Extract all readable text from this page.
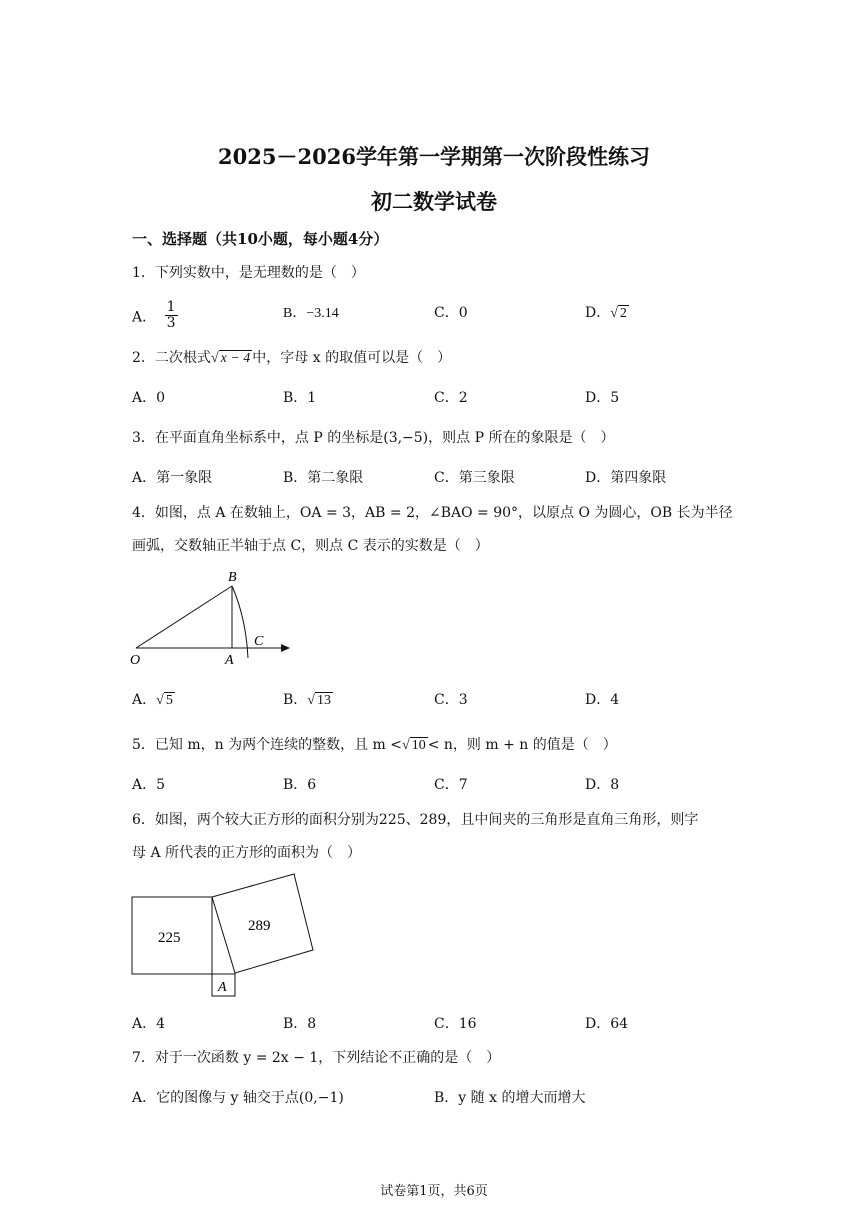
2025－2026学年第一学期第一次阶段性练习
初二数学试卷
一、选择题（共10小题，每小题4分）
1．下列实数中，是无理数的是（　）
A． $\frac{1}{3}$	B．−3.14	C．0	D．√ 2
2．二次根式√ x − 4 中，字母 x 的取值可以是（　）
A．0	B．1	C．2	D．5
3．在平面直角坐标系中，点 P 的坐标是(3,−5)，则点 P 所在的象限是（　）
A．第一象限	B．第二象限	C．第三象限	D．第四象限
4．如图，点 A 在数轴上，OA = 3，AB = 2，∠BAO = 90°，以原点 O 为圆心，OB 长为半径
画弧，交数轴正半轴于点 C，则点 C 表示的实数是（　）
O	A
B
C
A．√ 5	B．√ 13	C．3	D．4
5．已知 m，n 为两个连续的整数，且 m <√ 10 < n，则 m + n 的值是（　）
A．5	B．6	C．7	D．8
6．如图，两个较大正方形的面积分别为225、289，且中间夹的三角形是直角三角形，则字
母 A 所代表的正方形的面积为（　）
225
289
A
A．4	B．8	C．16	D．64
7．对于一次函数 y = 2x − 1，下列结论不正确的是（　）
A．它的图像与 y 轴交于点(0,−1)	B．y 随 x 的增大而增大
试卷第1页，共6页
